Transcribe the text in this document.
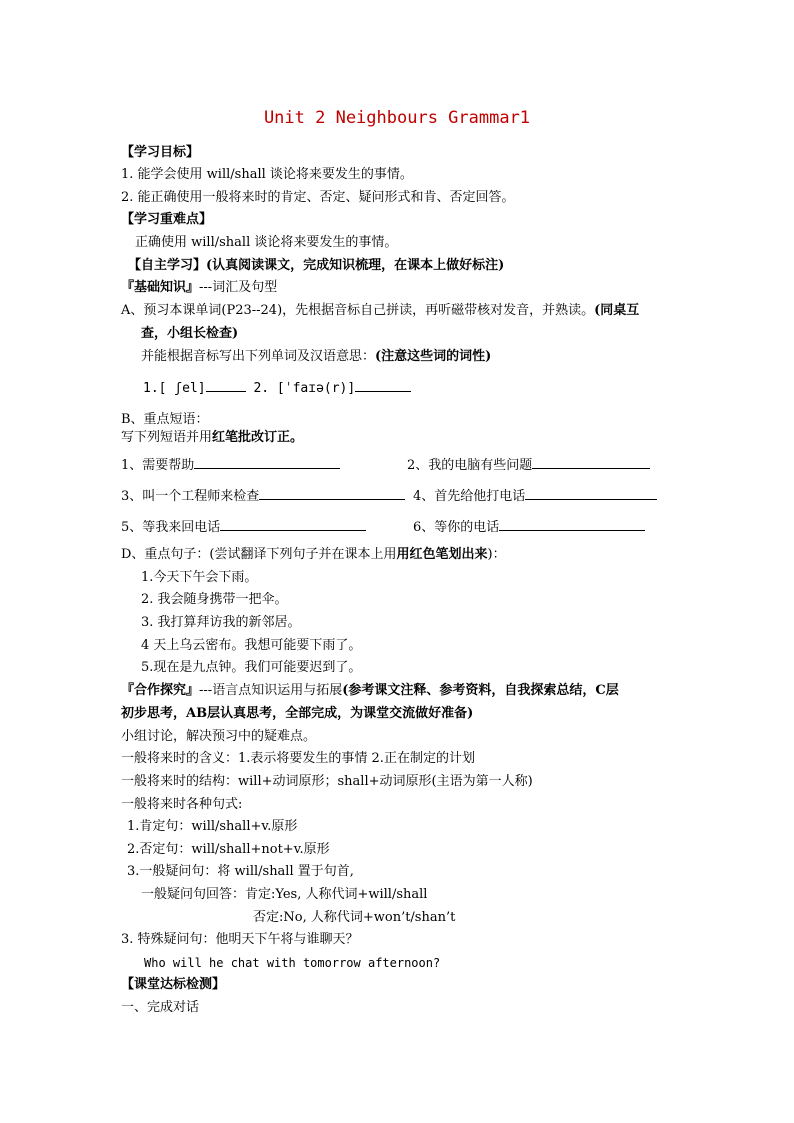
Unit 2 Neighbours Grammar1
【学习目标】
1. 能学会使用 will/shall 谈论将来要发生的事情。
2. 能正确使用一般将来时的肯定、否定、疑问形式和肯、否定回答。
【学习重难点】
正确使用 will/shall 谈论将来要发生的事情。
【自主学习】(认真阅读课文，完成知识梳理，在课本上做好标注)
『基础知识』---词汇及句型
A、预习本课单词(P23--24)，先根据音标自己拼读，再听磁带核对发音，并熟读。(同桌互
查，小组长检查)
并能根据音标写出下列单词及汉语意思：(注意这些词的词性)
1.[ ʃel]	2. [ˈfaɪə(r)]
B、重点短语：
写下列短语并用红笔批改订正。
1、需要帮助	2、我的电脑有些问题
3、叫一个工程师来检查	4、首先给他打电话
5、等我来回电话	6、等你的电话
D、重点句子：(尝试翻译下列句子并在课本上用用红色笔划出来)：
1.今天下午会下雨。
2. 我会随身携带一把伞。
3. 我打算拜访我的新邻居。
4 天上乌云密布。我想可能要下雨了。
5.现在是九点钟。我们可能要迟到了。
『合作探究』---语言点知识运用与拓展(参考课文注释、参考资料，自我探索总结，C层
初步思考，AB层认真思考，全部完成，为课堂交流做好准备)
小组讨论，解决预习中的疑难点。
一般将来时的含义：1.表示将要发生的事情 2.正在制定的计划
一般将来时的结构：will+动词原形；shall+动词原形(主语为第一人称)
一般将来时各种句式:
1.肯定句：will/shall+v.原形
2.否定句：will/shall+not+v.原形
3.一般疑问句：将 will/shall 置于句首,
一般疑问句回答：肯定:Yes, 人称代词+will/shall
否定:No, 人称代词+won’t/shan’t
3. 特殊疑问句：他明天下午将与谁聊天？
Who will he chat with tomorrow afternoon?
【课堂达标检测】
一、完成对话
